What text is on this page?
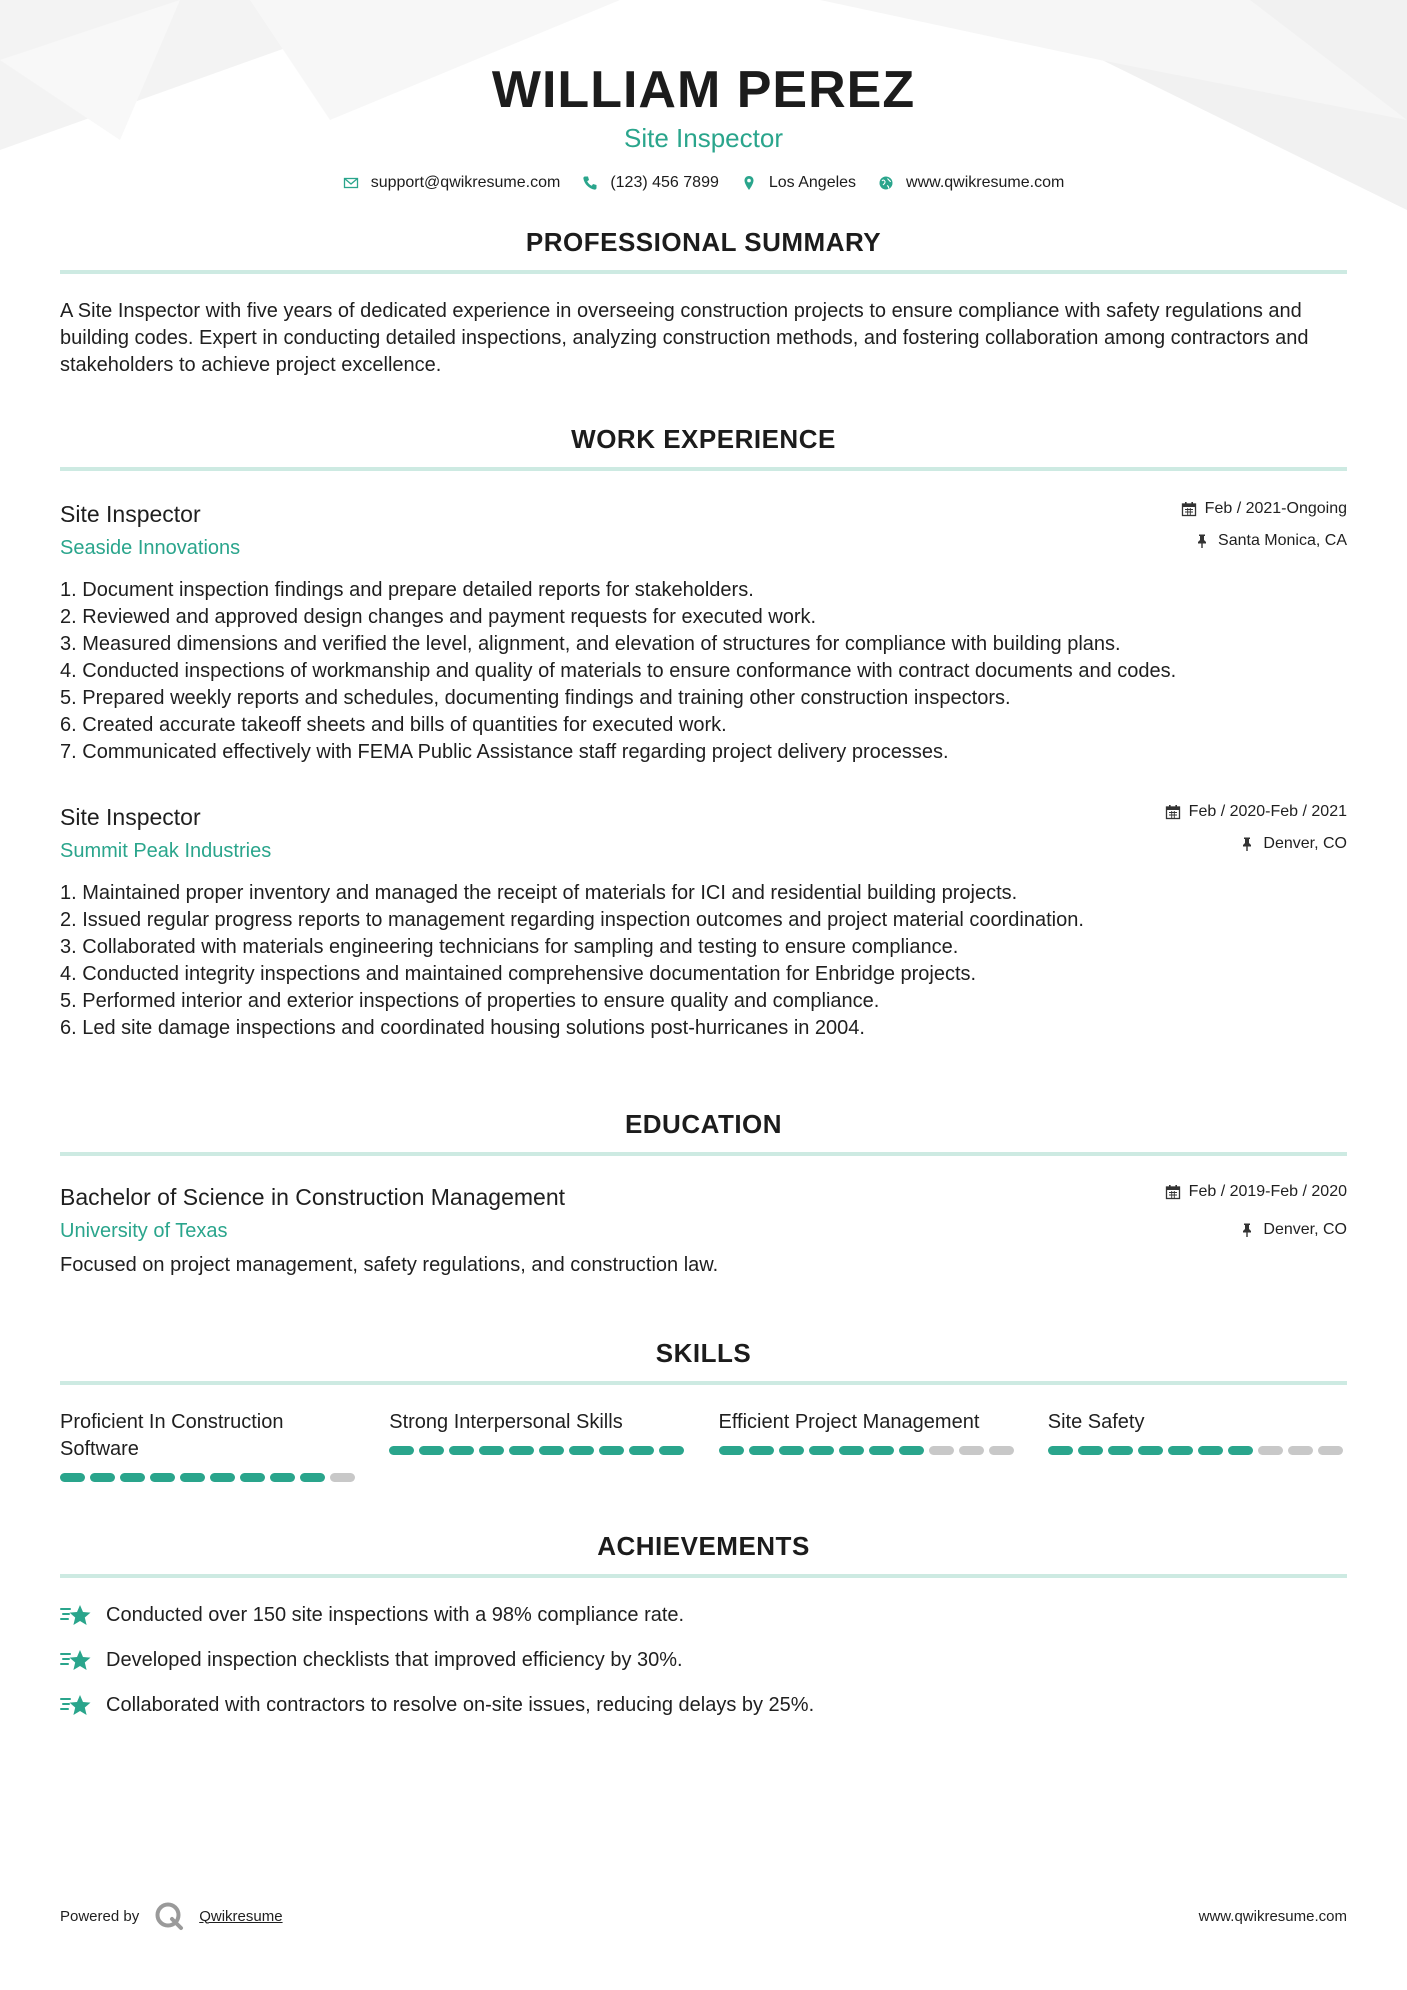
WILLIAM PEREZ
Site Inspector
support@qwikresume.com	(123) 456 7899	Los Angeles	www.qwikresume.com
PROFESSIONAL SUMMARY
A Site Inspector with five years of dedicated experience in overseeing construction projects to ensure compliance with safety regulations and building codes. Expert in conducting detailed inspections, analyzing construction methods, and fostering collaboration among contractors and stakeholders to achieve project excellence.
WORK EXPERIENCE
Site Inspector
Seaside Innovations
Feb / 2021-Ongoing
Santa Monica, CA
Document inspection findings and prepare detailed reports for stakeholders.
Reviewed and approved design changes and payment requests for executed work.
Measured dimensions and verified the level, alignment, and elevation of structures for compliance with building plans.
Conducted inspections of workmanship and quality of materials to ensure conformance with contract documents and codes.
Prepared weekly reports and schedules, documenting findings and training other construction inspectors.
Created accurate takeoff sheets and bills of quantities for executed work.
Communicated effectively with FEMA Public Assistance staff regarding project delivery processes.
Site Inspector
Summit Peak Industries
Feb / 2020-Feb / 2021
Denver, CO
Maintained proper inventory and managed the receipt of materials for ICI and residential building projects.
Issued regular progress reports to management regarding inspection outcomes and project material coordination.
Collaborated with materials engineering technicians for sampling and testing to ensure compliance.
Conducted integrity inspections and maintained comprehensive documentation for Enbridge projects.
Performed interior and exterior inspections of properties to ensure quality and compliance.
Led site damage inspections and coordinated housing solutions post-hurricanes in 2004.
EDUCATION
Bachelor of Science in Construction Management
University of Texas
Feb / 2019-Feb / 2020
Denver, CO
Focused on project management, safety regulations, and construction law.
SKILLS
Proficient In Construction Software
Strong Interpersonal Skills	Efficient Project Management	Site Safety
ACHIEVEMENTS
Conducted over 150 site inspections with a 98% compliance rate.
Developed inspection checklists that improved efficiency by 30%.
Collaborated with contractors to resolve on-site issues, reducing delays by 25%.
Powered by	Qwikresume	www.qwikresume.com
